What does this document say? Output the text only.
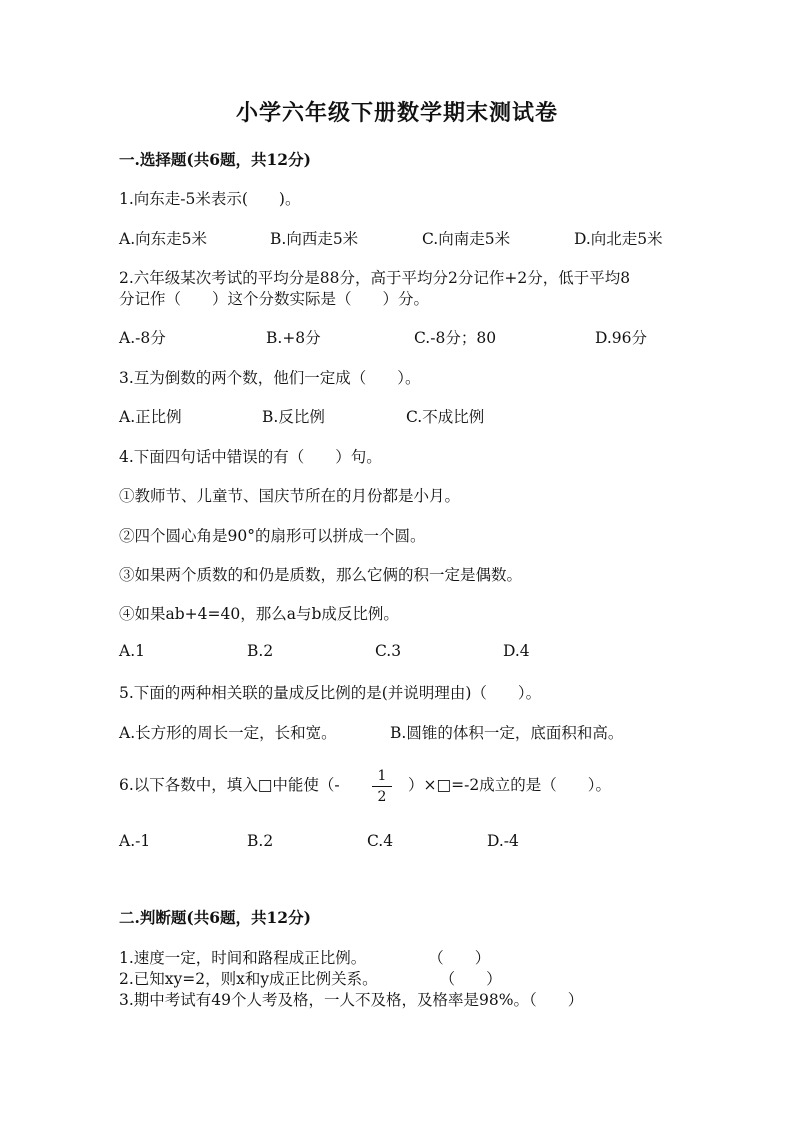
小学六年级下册数学期末测试卷
一.选择题(共6题，共12分)
1.向东走-5米表示(　　)。
A.向东走5米	B.向西走5米	C.向南走5米	D.向北走5米
2.六年级某次考试的平均分是88分，高于平均分2分记作+2分，低于平均8
分记作（　　）这个分数实际是（　　）分。
A.-8分	B.+8分	C.-8分；80	D.96分
3.互为倒数的两个数，他们一定成（　　）。
A.正比例	B.反比例	C.不成比例
4.下面四句话中错误的有（　　）句。
①教师节、儿童节、国庆节所在的月份都是小月。
②四个圆心角是90°的扇形可以拼成一个圆。
③如果两个质数的和仍是质数，那么它俩的积一定是偶数。
④如果ab+4=40，那么a与b成反比例。
A.1	B.2	C.3	D.4
5.下面的两种相关联的量成反比例的是(并说明理由)（　　）。
A.长方形的周长一定，长和宽。	B.圆锥的体积一定，底面积和高。
6.以下各数中，填入□中能使（-	1
2
）×□=-2成立的是（　　）。
A.-1	B.2	C.4	D.-4
二.判断题(共6题，共12分)
1.速度一定，时间和路程成正比例。　　　　　（　　）
2.已知xy=2，则x和y成正比例关系。　　　　　（　　）
3.期中考试有49个人考及格，一人不及格，及格率是98%。（　　）
